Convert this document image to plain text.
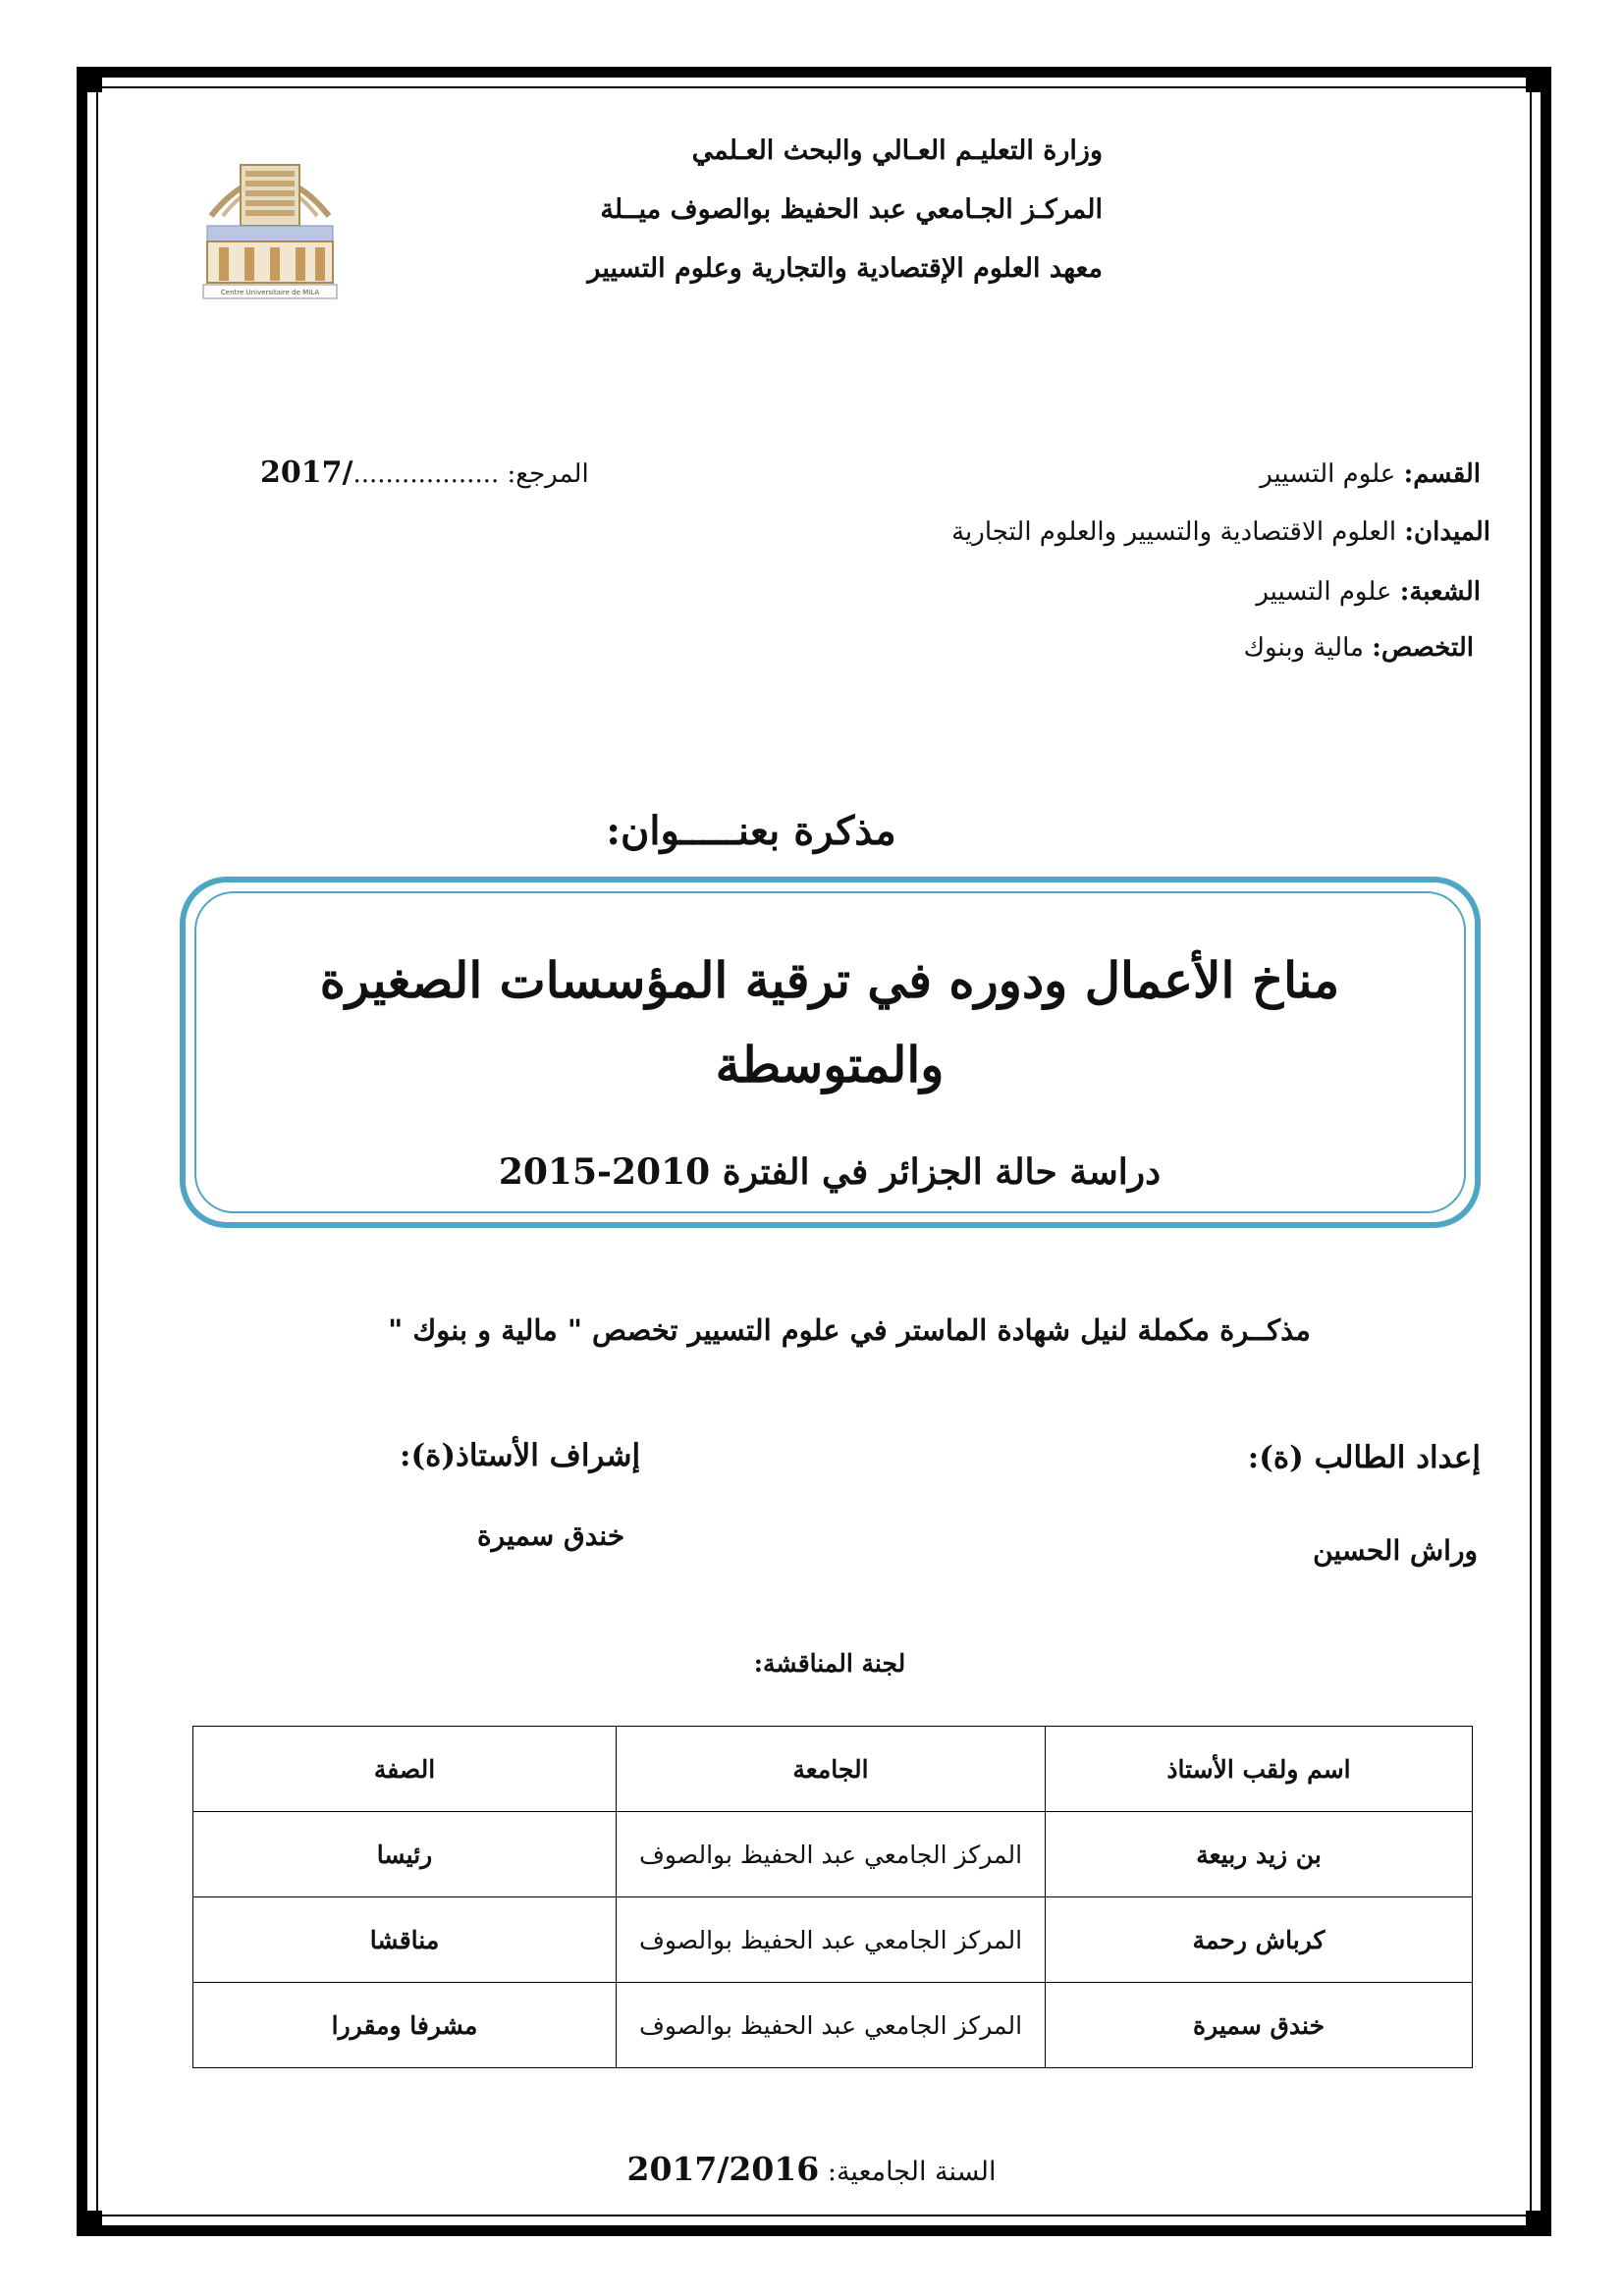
Centre Universitaire de MILA
وزارة التعليـم العـالي والبحث العـلمي
المركـز الجـامعي عبد الحفيظ بوالصوف ميــلة
معهد العلوم الإقتصادية والتجارية وعلوم التسيير
القسم: علوم التسيير
الميدان: العلوم الاقتصادية والتسيير والعلوم التجارية
الشعبة: علوم التسيير
التخصص: مالية وبنوك
المرجع: ................../2017
مذكرة بعنـــــوان:
مناخ الأعمال ودوره في ترقية المؤسسات الصغيرة
والمتوسطة
دراسة حالة الجزائر في الفترة 2010-2015
مذكــرة مكملة لنيل شهادة الماستر في علوم التسيير تخصص " مالية و بنوك "
إعداد الطالب (ة):
وراش الحسين
إشراف الأستاذ(ة):
خندق سميرة
لجنة المناقشة:
اسم ولقب الأستاذ	الجامعة	الصفة
بن زيد ربيعة	المركز الجامعي عبد الحفيظ بوالصوف	رئيسا
كرباش رحمة	المركز الجامعي عبد الحفيظ بوالصوف	مناقشا
خندق سميرة	المركز الجامعي عبد الحفيظ بوالصوف	مشرفا ومقررا
السنة الجامعية: 2017/2016
